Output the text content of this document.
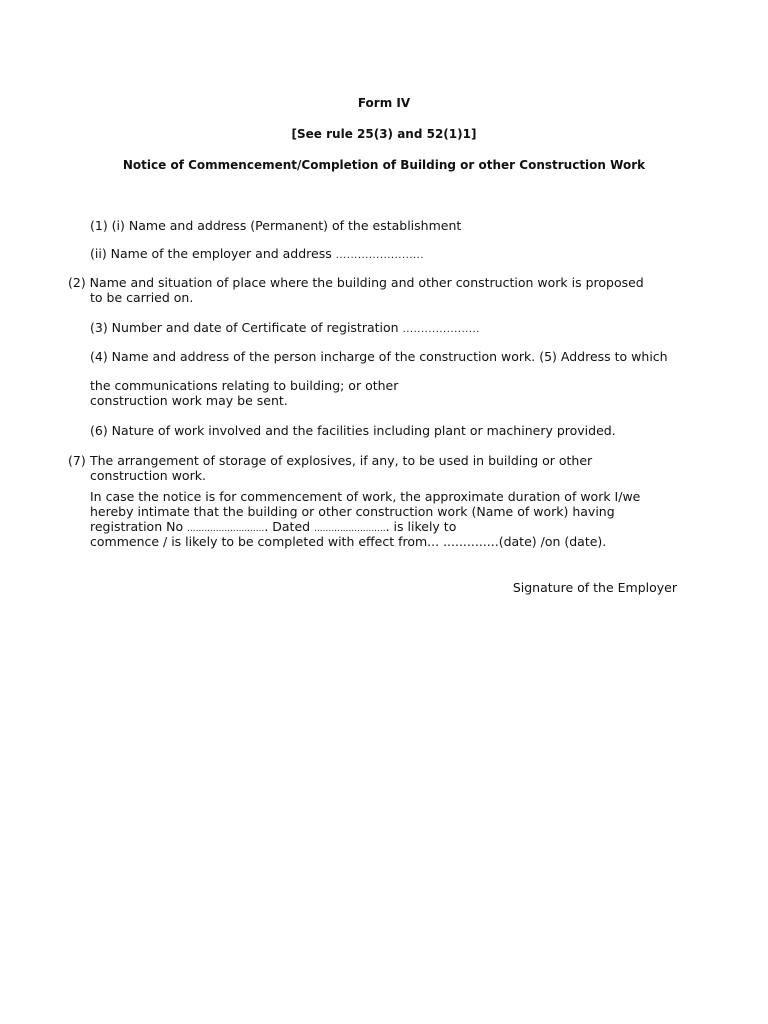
Form IV
[See rule 25(3) and 52(1)1]
Notice of Commencement/Completion of Building or other Construction Work
(1) (i) Name and address (Permanent) of the establishment
(ii) Name of the employer and address ........................
(2) Name and situation of place where the building and other construction work is proposed
to be carried on.
(3) Number and date of Certificate of registration .....................
(4) Name and address of the person incharge of the construction work. (5) Address to which
the communications relating to building; or other
construction work may be sent.
(6) Nature of work involved and the facilities including plant or machinery provided.
(7) The arrangement of storage of explosives, if any, to be used in building or other
construction work.
In case the notice is for commencement of work, the approximate duration of work I/we
hereby intimate that the building or other construction work (Name of work) having
registration No ............................ Dated .......................... is likely to
commence / is likely to be completed with effect from... ..............(date) /on (date).
Signature of the Employer
